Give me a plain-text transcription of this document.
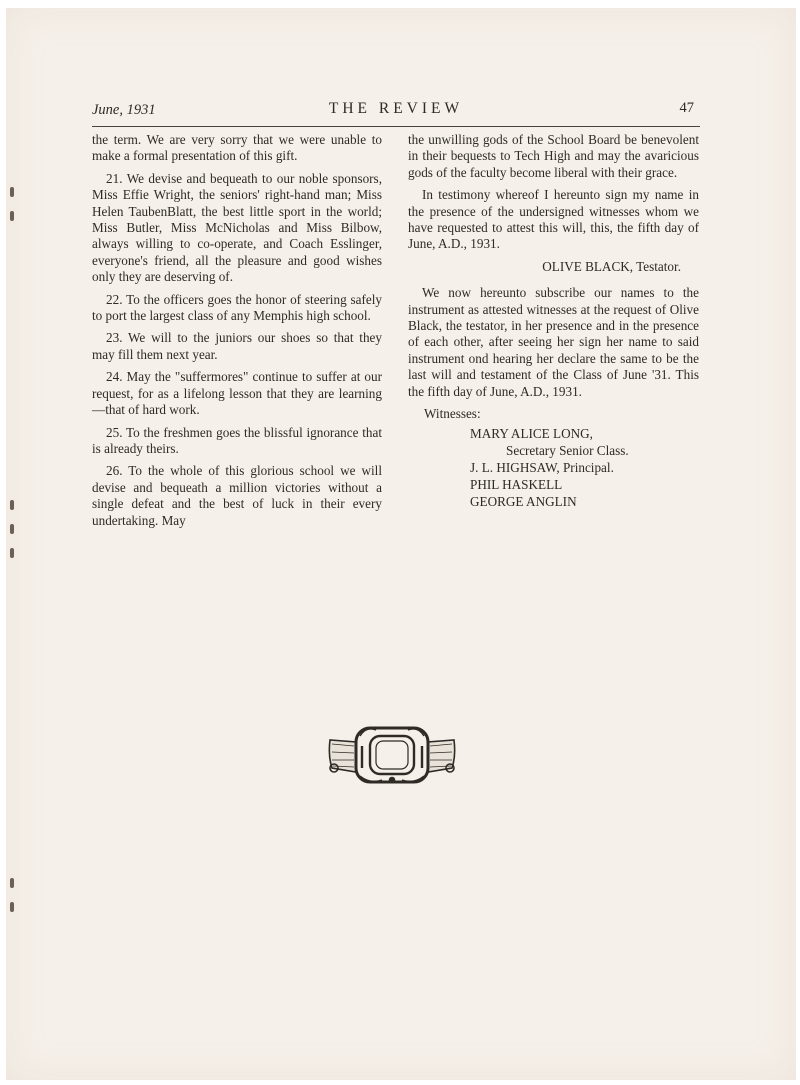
June, 1931	THE REVIEW	47

the term. We are very sorry that we were unable to make a formal presentation of this gift.

21. We devise and bequeath to our noble sponsors, Miss Effie Wright, the seniors' right-hand man; Miss Helen TaubenBlatt, the best little sport in the world; Miss Butler, Miss McNicholas and Miss Bilbow, always willing to co-operate, and Coach Esslinger, everyone's friend, all the pleasure and good wishes only they are deserving of.

22. To the officers goes the honor of steering safely to port the largest class of any Memphis high school.

23. We will to the juniors our shoes so that they may fill them next year.

24. May the "suffermores" continue to suffer at our request, for as a lifelong lesson that they are learning—that of hard work.

25. To the freshmen goes the blissful ignorance that is already theirs.

26. To the whole of this glorious school we will devise and bequeath a million victories without a single defeat and the best of luck in their every undertaking. May

the unwilling gods of the School Board be benevolent in their bequests to Tech High and may the avaricious gods of the faculty become liberal with their grace.

In testimony whereof I hereunto sign my name in the presence of the undersigned witnesses whom we have requested to attest this will, this, the fifth day of June, A.D., 1931.

OLIVE BLACK, Testator.

We now hereunto subscribe our names to the instrument as attested witnesses at the request of Olive Black, the testator, in her presence and in the presence of each other, after seeing her sign her name to said instrument ond hearing her declare the same to be the last will and testament of the Class of June '31. This the fifth day of June, A.D., 1931.

Witnesses:
MARY ALICE LONG,
Secretary Senior Class.
J. L. HIGHSAW, Principal.
PHIL HASKELL
GEORGE ANGLIN
